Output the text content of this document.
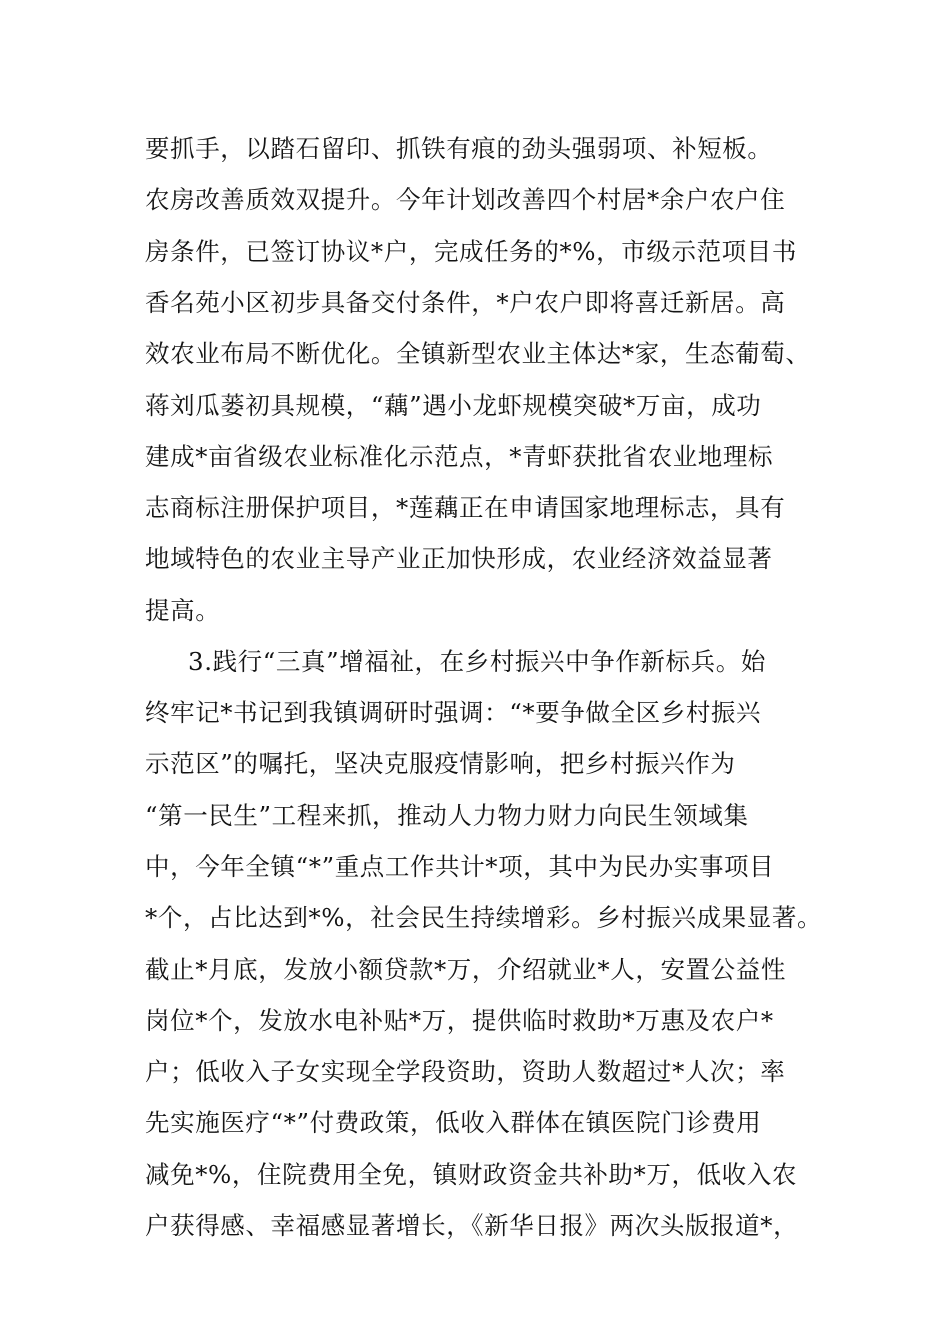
要抓手，以踏石留印、抓铁有痕的劲头强弱项、补短板。
农房改善质效双提升。今年计划改善四个村居*余户农户住
房条件，已签订协议*户，完成任务的*%，市级示范项目书
香名苑小区初步具备交付条件，*户农户即将喜迁新居。高
效农业布局不断优化。全镇新型农业主体达*家，生态葡萄、
蒋刘瓜蒌初具规模，“藕”遇小龙虾规模突破*万亩，成功
建成*亩省级农业标准化示范点，*青虾获批省农业地理标
志商标注册保护项目，*莲藕正在申请国家地理标志，具有
地域特色的农业主导产业正加快形成，农业经济效益显著
提高。
3.践行“三真”增福祉，在乡村振兴中争作新标兵。始
终牢记*书记到我镇调研时强调：“*要争做全区乡村振兴
示范区”的嘱托，坚决克服疫情影响，把乡村振兴作为
“第一民生”工程来抓，推动人力物力财力向民生领域集
中，今年全镇“*”重点工作共计*项，其中为民办实事项目
*个，占比达到*%，社会民生持续增彩。乡村振兴成果显著。
截止*月底，发放小额贷款*万，介绍就业*人，安置公益性
岗位*个，发放水电补贴*万，提供临时救助*万惠及农户*
户；低收入子女实现全学段资助，资助人数超过*人次；率
先实施医疗“*”付费政策，低收入群体在镇医院门诊费用
减免*%，住院费用全免，镇财政资金共补助*万，低收入农
户获得感、幸福感显著增长，《新华日报》两次头版报道*，
